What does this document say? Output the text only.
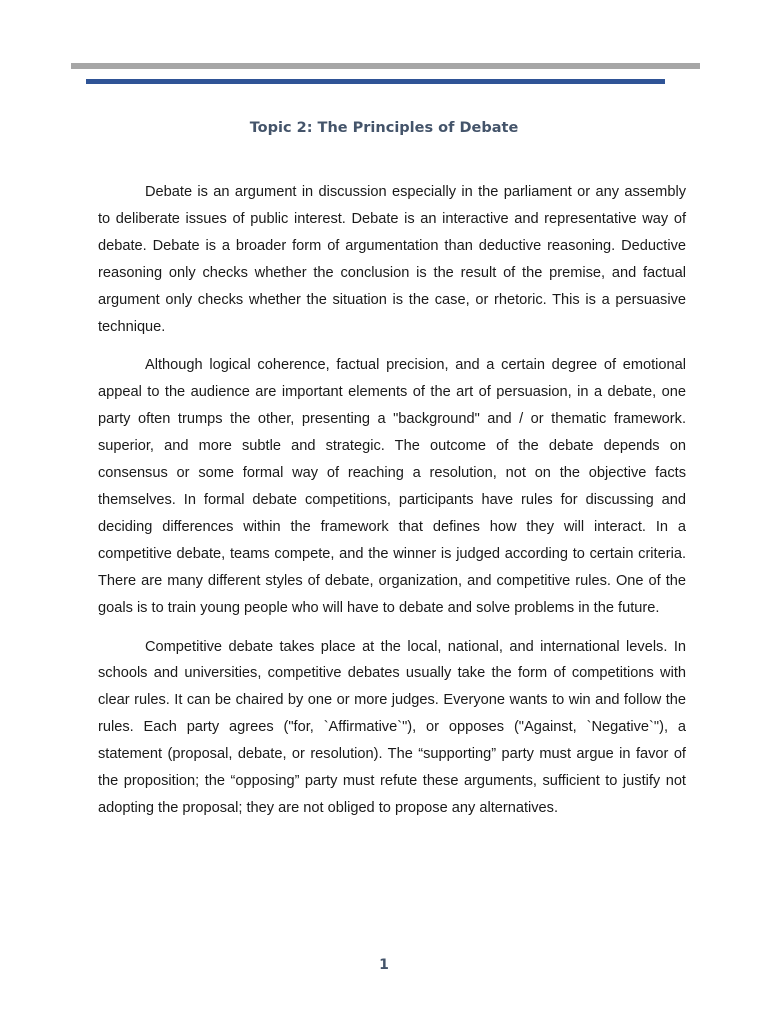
Topic 2: The Principles of Debate

Debate is an argument in discussion especially in the parliament or any assembly to deliberate issues of public interest. Debate is an interactive and representative way of debate. Debate is a broader form of argumentation than deductive reasoning. Deductive reasoning only checks whether the conclusion is the result of the premise, and factual argument only checks whether the situation is the case, or rhetoric. This is a persuasive technique.

Although logical coherence, factual precision, and a certain degree of emotional appeal to the audience are important elements of the art of persuasion, in a debate, one party often trumps the other, presenting a "background" and / or thematic framework. superior, and more subtle and strategic. The outcome of the debate depends on consensus or some formal way of reaching a resolution, not on the objective facts themselves. In formal debate competitions, participants have rules for discussing and deciding differences within the framework that defines how they will interact. In a competitive debate, teams compete, and the winner is judged according to certain criteria. There are many different styles of debate, organization, and competitive rules. One of the goals is to train young people who will have to debate and solve problems in the future.

Competitive debate takes place at the local, national, and international levels. In schools and universities, competitive debates usually take the form of competitions with clear rules. It can be chaired by one or more judges. Everyone wants to win and follow the rules. Each party agrees ("for, `Affirmative`"), or opposes ("Against, `Negative`"), a statement (proposal, debate, or resolution). The “supporting” party must argue in favor of the proposition; the “opposing” party must refute these arguments, sufficient to justify not adopting the proposal; they are not obliged to propose any alternatives.

1
